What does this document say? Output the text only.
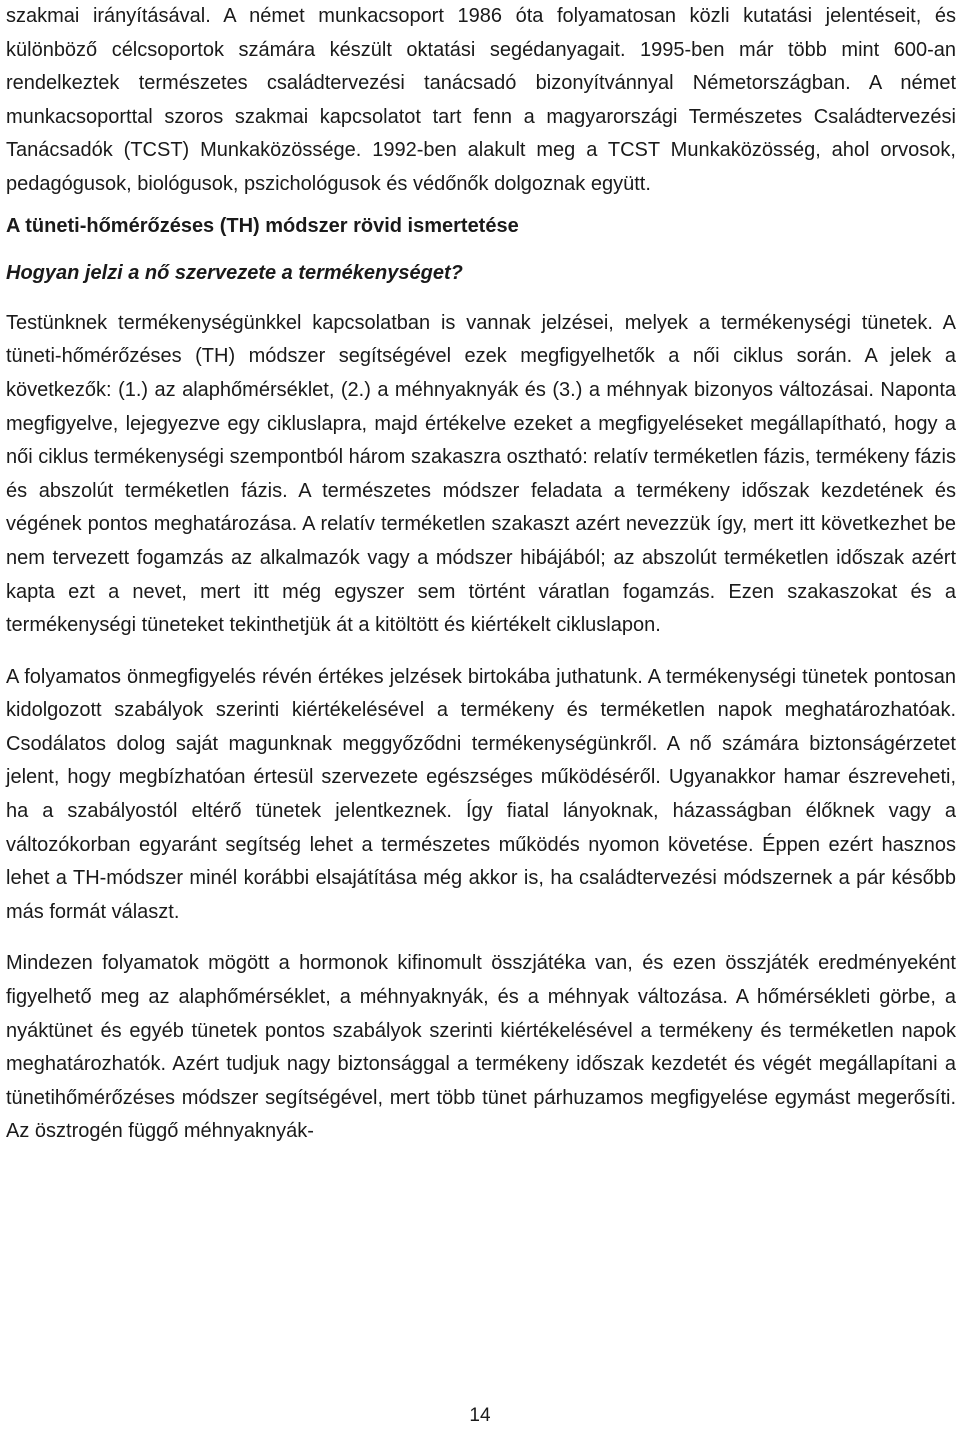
szakmai irányításával. A német munkacsoport 1986 óta folyamatosan közli kutatási jelentéseit, és különböző célcsoportok számára készült oktatási segédanyagait. 1995-ben már több mint 600-an rendelkeztek természetes családtervezési tanácsadó bizonyítvánnyal Németországban. A német munkacsoporttal szoros szakmai kapcsolatot tart fenn a magyarországi Természetes Családtervezési Tanácsadók (TCST) Munkaközössége. 1992-ben alakult meg a TCST Munkaközösség, ahol orvosok, pedagógusok, biológusok, pszichológusok és védőnők dolgoznak együtt.

A tüneti-hőmérőzéses (TH) módszer rövid ismertetése
Hogyan jelzi a nő szervezete a termékenységet?

Testünknek termékenységünkkel kapcsolatban is vannak jelzései, melyek a termékenységi tünetek. A tüneti-hőmérőzéses (TH) módszer segítségével ezek megfigyelhetők a női ciklus során. A jelek a következők: (1.) az alaphőmérséklet, (2.) a méhnyaknyák és (3.) a méhnyak bizonyos változásai. Naponta megfigyelve, lejegyezve egy cikluslapra, majd értékelve ezeket a megfigyeléseket megállapítható, hogy a női ciklus termékenységi szempontból három szakaszra osztható: relatív terméketlen fázis, termékeny fázis és abszolút terméketlen fázis. A természetes módszer feladata a termékeny időszak kezdetének és végének pontos meghatározása. A relatív terméketlen szakaszt azért nevezzük így, mert itt következhet be nem tervezett fogamzás az alkalmazók vagy a módszer hibájából; az abszolút terméketlen időszak azért kapta ezt a nevet, mert itt még egyszer sem történt váratlan fogamzás. Ezen szakaszokat és a termékenységi tüneteket tekinthetjük át a kitöltött és kiértékelt cikluslapon.

A folyamatos önmegfigyelés révén értékes jelzések birtokába juthatunk. A termékenységi tünetek pontosan kidolgozott szabályok szerinti kiértékelésével a termékeny és terméketlen napok meghatározhatóak. Csodálatos dolog saját magunknak meggyőződni termékenységünkről. A nő számára biztonságérzetet jelent, hogy megbízhatóan értesül szervezete egészséges működéséről. Ugyanakkor hamar észreveheti, ha a szabályostól eltérő tünetek jelentkeznek. Így fiatal lányoknak, házasságban élőknek vagy a változókorban egyaránt segítség lehet a természetes működés nyomon követése. Éppen ezért hasznos lehet a TH-módszer minél korábbi elsajátítása még akkor is, ha családtervezési módszernek a pár később más formát választ.

Mindezen folyamatok mögött a hormonok kifinomult összjátéka van, és ezen összjáték eredményeként figyelhető meg az alaphőmérséklet, a méhnyaknyák, és a méhnyak változása. A hőmérsékleti görbe, a nyáktünet és egyéb tünetek pontos szabályok szerinti kiértékelésével a termékeny és terméketlen napok meghatározhatók. Azért tudjuk nagy biztonsággal a termékeny időszak kezdetét és végét megállapítani a tünetihőmérőzéses módszer segítségével, mert több tünet párhuzamos megfigyelése egymást megerősíti. Az ösztrogén függő méhnyaknyák-

14
